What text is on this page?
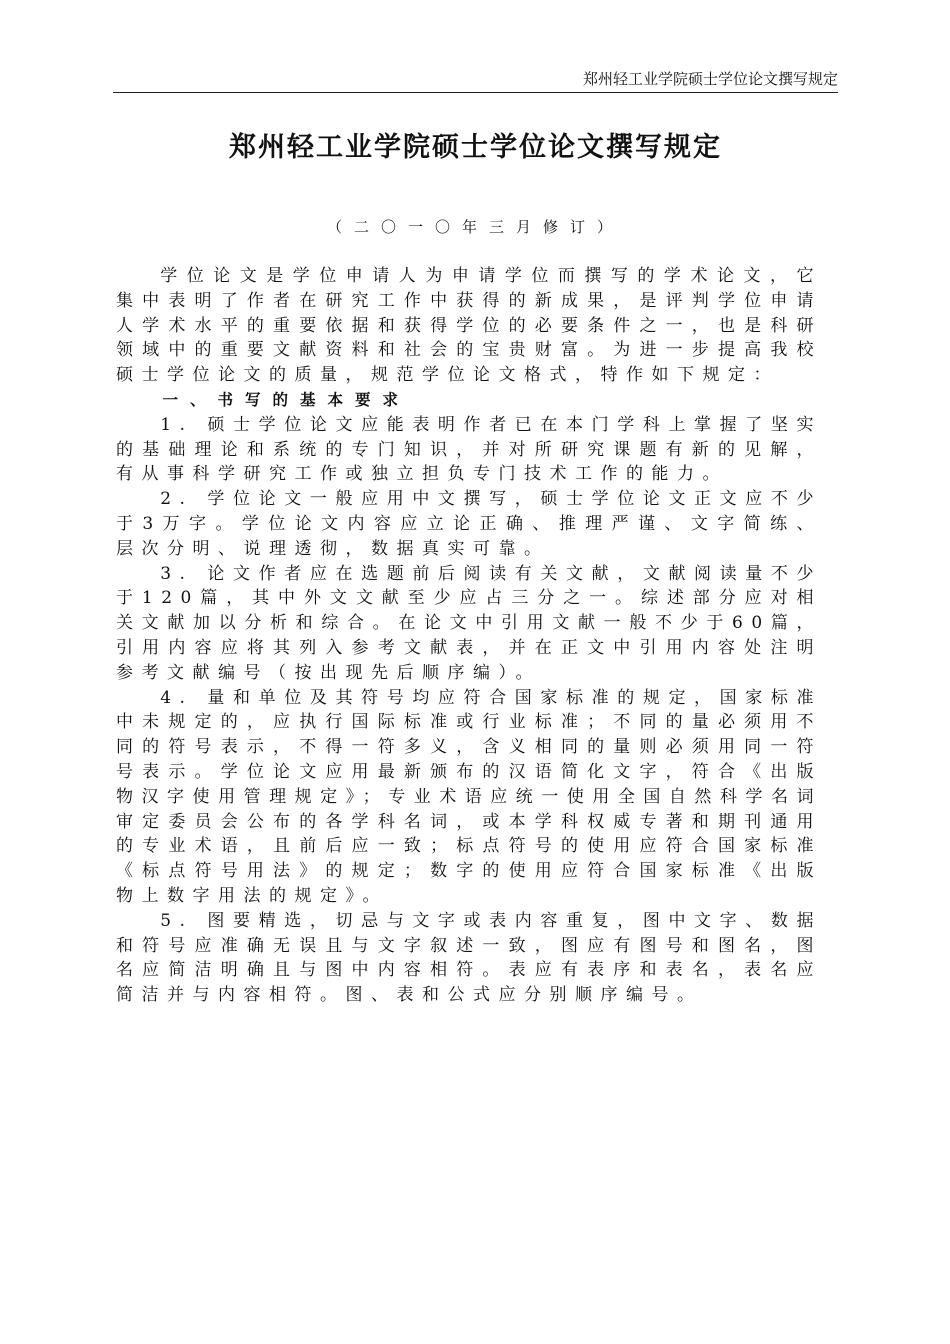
郑州轻工业学院硕士学位论文撰写规定
郑州轻工业学院硕士学位论文撰写规定
（二〇一〇年三月修订）

学位论文是学位申请人为申请学位而撰写的学术论文，它集中表明了作者在研究工作中获得的新成果，是评判学位申请人学术水平的重要依据和获得学位的必要条件之一，也是科研领域中的重要文献资料和社会的宝贵财富。为进一步提高我校硕士学位论文的质量，规范学位论文格式，特作如下规定：

一、书写的基本要求

1. 硕士学位论文应能表明作者已在本门学科上掌握了坚实的基础理论和系统的专门知识，并对所研究课题有新的见解，有从事科学研究工作或独立担负专门技术工作的能力。

2. 学位论文一般应用中文撰写，硕士学位论文正文应不少于3万字。学位论文内容应立论正确、推理严谨、文字简练、层次分明、说理透彻，数据真实可靠。

3. 论文作者应在选题前后阅读有关文献，文献阅读量不少于120篇，其中外文文献至少应占三分之一。综述部分应对相关文献加以分析和综合。在论文中引用文献一般不少于60篇，引用内容应将其列入参考文献表，并在正文中引用内容处注明参考文献编号（按出现先后顺序编）。

4. 量和单位及其符号均应符合国家标准的规定，国家标准中未规定的，应执行国际标准或行业标准；不同的量必须用不同的符号表示，不得一符多义，含义相同的量则必须用同一符号表示。学位论文应用最新颁布的汉语简化文字，符合《出版物汉字使用管理规定》；专业术语应统一使用全国自然科学名词审定委员会公布的各学科名词，或本学科权威专著和期刊通用的专业术语，且前后应一致；标点符号的使用应符合国家标准《标点符号用法》的规定；数字的使用应符合国家标准《出版物上数字用法的规定》。

5. 图要精选，切忌与文字或表内容重复，图中文字、数据和符号应准确无误且与文字叙述一致，图应有图号和图名，图名应简洁明确且与图中内容相符。表应有表序和表名，表名应简洁并与内容相符。图、表和公式应分别顺序编号。
